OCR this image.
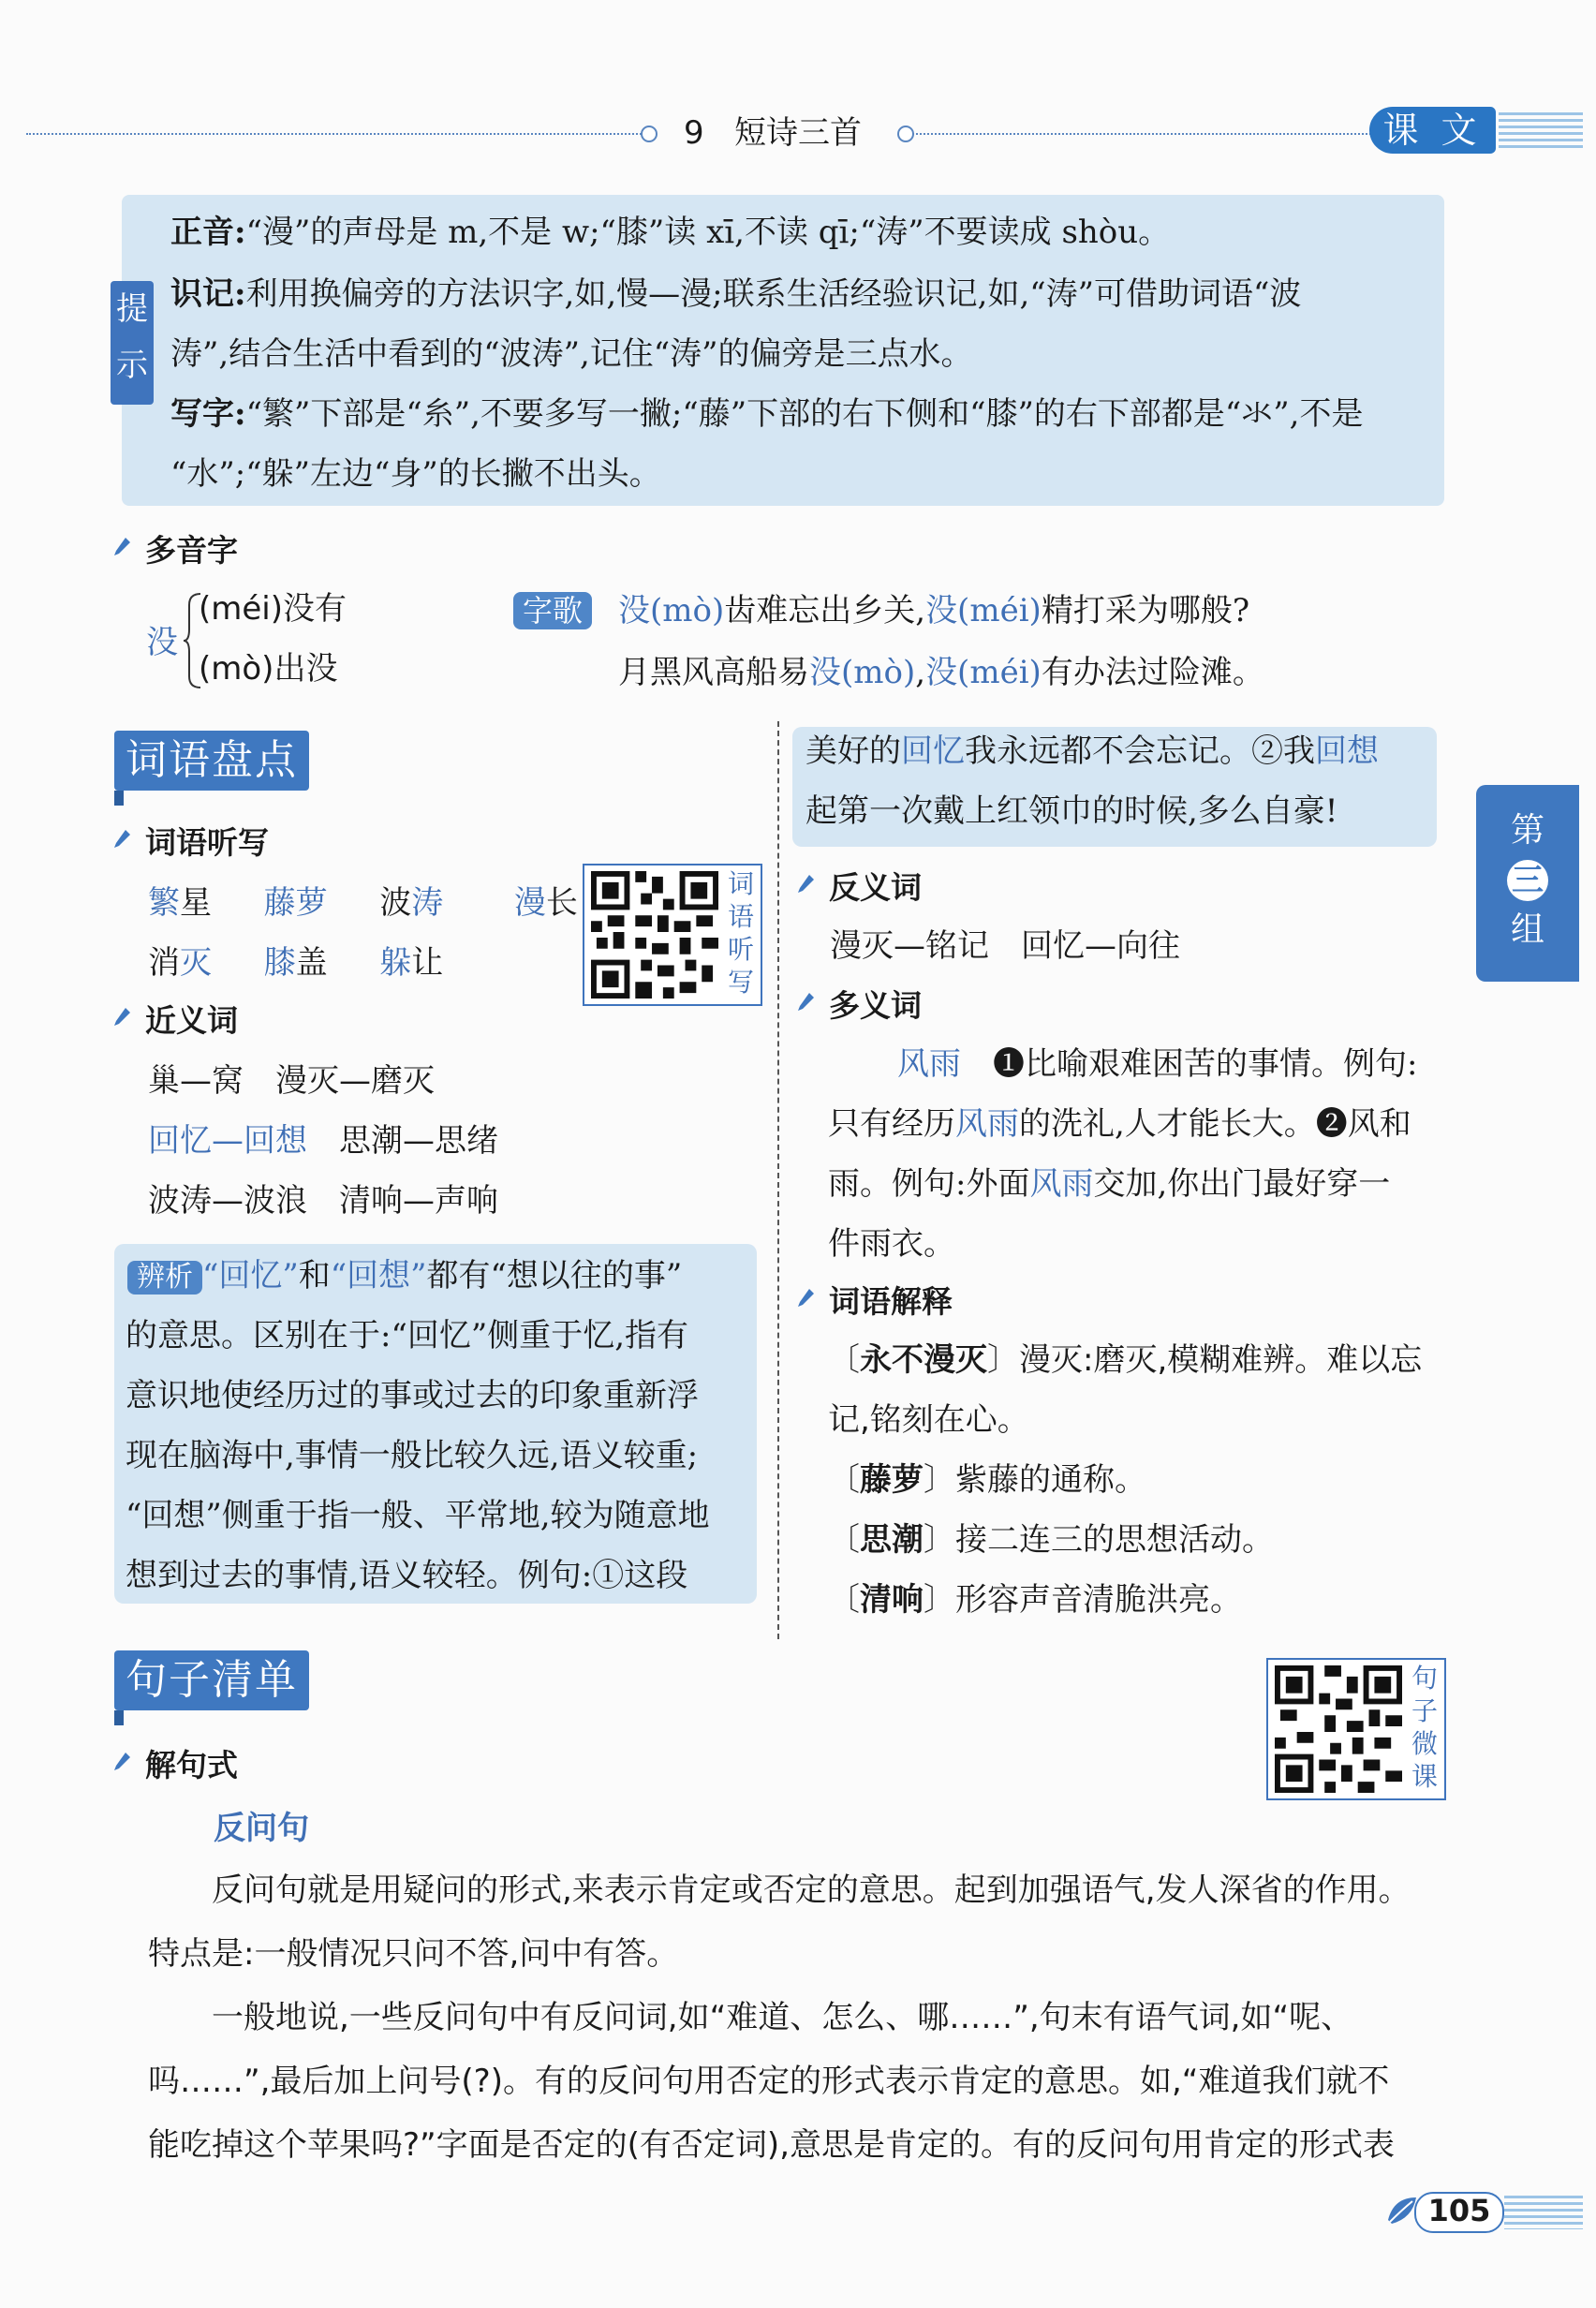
9 短诗三首	课 文
提示
正音:“漫”的声母是 m,不是 w;“膝”读 xī,不读 qī;“涛”不要读成 shòu。
识记:利用换偏旁的方法识字,如,慢—漫;联系生活经验识记,如,“涛”可借助词语“波
涛”,结合生活中看到的“波涛”,记住“涛”的偏旁是三点水。
写字:“繁”下部是“糸”,不要多写一撇;“藤”下部的右下侧和“膝”的右下部都是“氺”,不是
“水”;“躲”左边“身”的长撇不出头。
多音字
没
(méi)没有
(mò)出没
字歌 没(mò)齿难忘出乡关,没(méi)精打采为哪般?
月黑风高船易没(mò),没(méi)有办法过险滩。
词语盘点
词语听写
繁星 藤萝 波涛 漫长
消灭 膝盖 躲让
词
语
听
写
近义词
巢—窝 漫灭—磨灭
回忆—回想 思潮—思绪
波涛—波浪 清响—声响
辨析 “回忆”和“回想”都有“想以往的事”
的意思。区别在于:“回忆”侧重于忆,指有
意识地使经历过的事或过去的印象重新浮
现在脑海中,事情一般比较久远,语义较重;
“回想”侧重于指一般、平常地,较为随意地
想到过去的事情,语义较轻。例句:①这段
美好的回忆我永远都不会忘记。②我回想
起第一次戴上红领巾的时候,多么自豪!
反义词
漫灭—铭记　回忆—向往
多义词
风雨 ❶比喻艰难困苦的事情。例句:
只有经历风雨的洗礼,人才能长大。❷风和
雨。例句:外面风雨交加,你出门最好穿一
件雨衣。
词语解释
〔永不漫灭〕漫灭:磨灭,模糊难辨。难以忘
记,铭刻在心。
〔藤萝〕紫藤的通称。
〔思潮〕接二连三的思想活动。
〔清响〕形容声音清脆洪亮。
第
三
组
句子清单	句
子
微
课
解句式
反问句
反问句就是用疑问的形式,来表示肯定或否定的意思。起到加强语气,发人深省的作用。
特点是:一般情况只问不答,问中有答。
一般地说,一些反问句中有反问词,如“难道、怎么、哪……”,句末有语气词,如“呢、
吗……”,最后加上问号(?)。有的反问句用否定的形式表示肯定的意思。如,“难道我们就不
能吃掉这个苹果吗?”字面是否定的(有否定词),意思是肯定的。有的反问句用肯定的形式表
105
